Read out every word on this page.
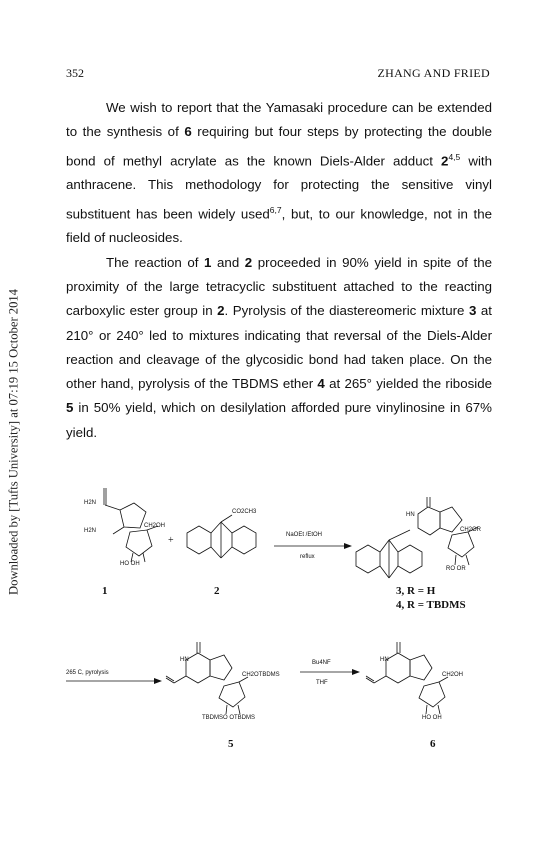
Downloaded by [Tufts University] at 07:19 15 October 2014
352	ZHANG AND FRIED

We wish to report that the Yamasaki procedure can be extended to the synthesis of 6 requiring but four steps by protecting the double bond of methyl acrylate as the known Diels-Alder adduct 2$^{4,5}$ with anthracene. This methodology for protecting the sensitive vinyl substituent has been widely used$^{6,7}$, but, to our knowledge, not in the field of nucleosides.

The reaction of 1 and 2 proceeded in 90% yield in spite of the proximity of the large tetracyclic substituent attached to the reacting carboxylic ester group in 2. Pyrolysis of the diastereomeric mixture 3 at 210° or 240° led to mixtures indicating that reversal of the Diels-Alder reaction and cleavage of the glycosidic bond had taken place. On the other hand, pyrolysis of the TBDMS ether 4 at 265° yielded the riboside 5 in 50% yield, which on desilylation afforded pure vinylinosine in 67% yield.

H2N
H2N
CH2OH
HO OH
+
CO2CH3
NaOEt /EtOH
reflux
HN
CH2OR
RO OR
1	2	3, R = H
4, R = TBDMS
265 C, pyrolysis
HN
CH2OTBDMS
TBDMSO OTBDMS
Bu4NF
THF
HN
CH2OH
HO OH
5	6
